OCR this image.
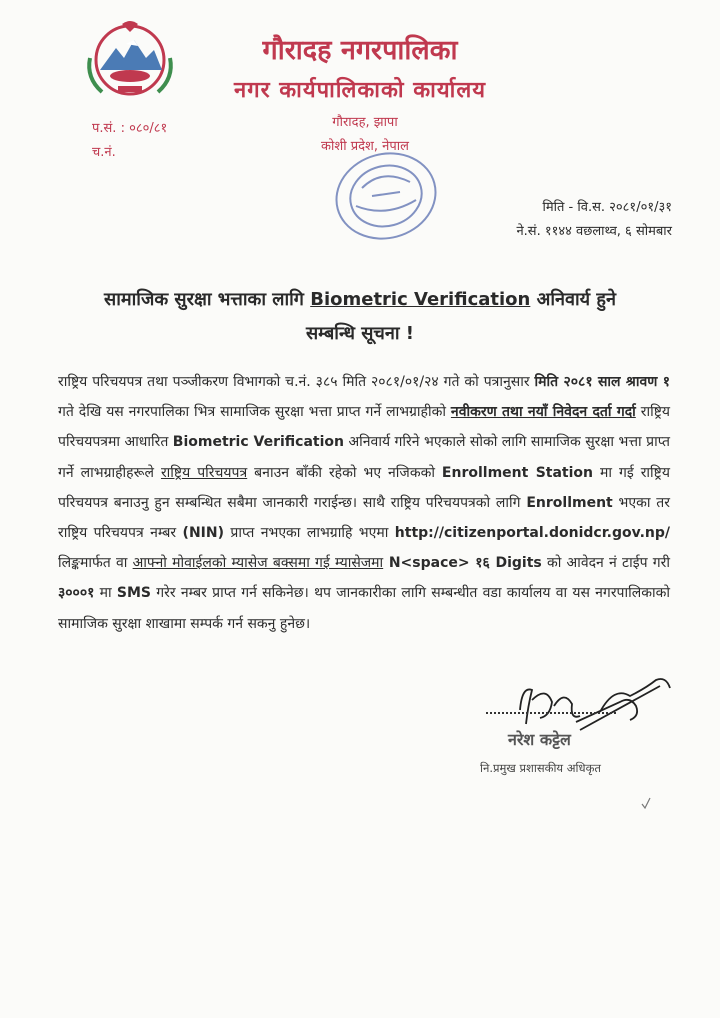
गौरादह नगरपालिका
नगर कार्यपालिकाको कार्यालय
गौरादह, झापा
कोशी प्रदेश, नेपाल
प.सं. : ०८०/८१
च.नं.
मिति - वि.स. २०८१/०१/३१
ने.सं. ११४४ वछलाथ्व, ६ सोमबार
सामाजिक सुरक्षा भत्ताका लागि Biometric Verification अनिवार्य हुने
सम्बन्धि सूचना !

राष्ट्रिय परिचयपत्र तथा पञ्जीकरण विभागको च.नं. ३८५ मिति २०८१/०१/२४ गते को पत्रानुसार मिति २०८१ साल श्रावण १ गते देखि यस नगरपालिका भित्र सामाजिक सुरक्षा भत्ता प्राप्त गर्ने लाभग्राहीको नवीकरण तथा नयाँ निवेदन दर्ता गर्दा राष्ट्रिय परिचयपत्रमा आधारित Biometric Verification अनिवार्य गरिने भएकाले सोको लागि सामाजिक सुरक्षा भत्ता प्राप्त गर्ने लाभग्राहीहरूले राष्ट्रिय परिचयपत्र बनाउन बाँकी रहेको भए नजिकको Enrollment Station मा गई राष्ट्रिय परिचयपत्र बनाउनु हुन सम्बन्धित सबैमा जानकारी गराईन्छ। साथै राष्ट्रिय परिचयपत्रको लागि Enrollment भएका तर राष्ट्रिय परिचयपत्र नम्बर (NIN) प्राप्त नभएका लाभग्राहि भएमा http://citizenportal.donidcr.gov.np/ लिङ्कमार्फत वा आफ्नो मोवाईलको म्यासेज बक्समा गई म्यासेजमा N<space> १६ Digits को आवेदन नं टाईप गरी ३०००१ मा SMS गरेर नम्बर प्राप्त गर्न सकिनेछ। थप जानकारीका लागि सम्बन्धीत वडा कार्यालय वा यस नगरपालिकाको सामाजिक सुरक्षा शाखामा सम्पर्क गर्न सकनु हुनेछ।

नरेश कट्टेल
नि.प्रमुख प्रशासकीय अधिकृत
